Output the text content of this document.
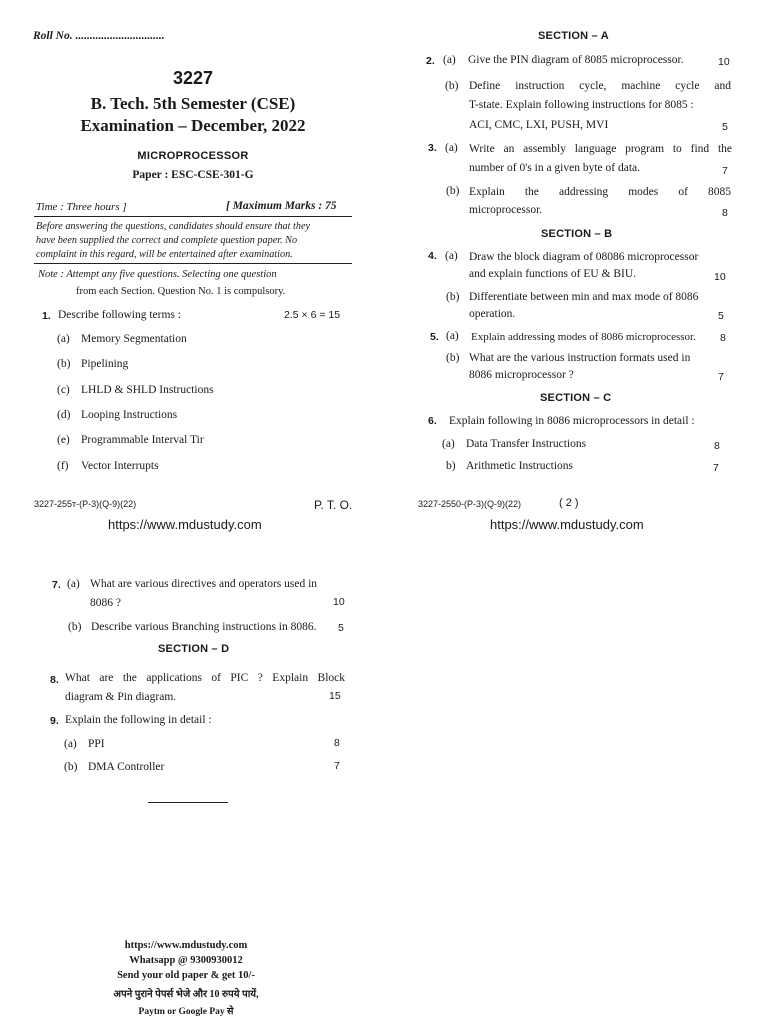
Roll No. ...............................
3227
B. Tech. 5th Semester (CSE)
Examination – December, 2022
MICROPROCESSOR
Paper : ESC-CSE-301-G
Time : Three hours ]	[ Maximum Marks : 75
Before answering the questions, candidates should ensure that they
have been supplied the correct and complete question paper. No
complaint in this regard, will be entertained after examination.
Note : Attempt any five questions. Selecting one question
from each Section. Question No. 1 is compulsory.
1. Describe following terms :	2.5 × 6 = 15
(a) Memory Segmentation
(b) Pipelining
(c) LHLD & SHLD Instructions
(d) Looping Instructions
(e) Programmable Interval Tir
(f) Vector Interrupts
3227-255т-(P-3)(Q-9)(22)	P. T. O.
https://www.mdustudy.com
SECTION – A
2. (a) Give the PIN diagram of 8085 microprocessor.	10
(b) Define instruction cycle, machine cycle and
T-state. Explain following instructions for 8085 :
ACI, CMC, LXI, PUSH, MVI	5
3. (a) Write an assembly language program to find the
number of 0's in a given byte of data.	7
(b) Explain the addressing modes of 8085
microprocessor.	8
SECTION – B
4. (a) Draw the block diagram of 08086 microprocessor
and explain functions of EU & BIU.	10
(b) Differentiate between min and max mode of 8086
operation.	5
5. (a) Explain addressing modes of 8086 microprocessor. 8
(b) What are the various instruction formats used in
8086 microprocessor ?	7
SECTION – C
6. Explain following in 8086 microprocessors in detail :
(a) Data Transfer Instructions	8
b) Arithmetic Instructions	7
3227-2550-(P-3)(Q-9)(22)	( 2 )
https://www.mdustudy.com
7. (a) What are various directives and operators used in
8086 ?	10
(b) Describe various Branching instructions in 8086. 5
SECTION – D
8. What are the applications of PIC ? Explain Block
diagram & Pin diagram.	15
9. Explain the following in detail :
(a) PPI	8
(b) DMA Controller	7
https://www.mdustudy.com
Whatsapp @ 9300930012
Send your old paper & get 10/-
अपने पुराने पेपर्स भेजे और 10 रुपये पायें,
Paytm or Google Pay से
